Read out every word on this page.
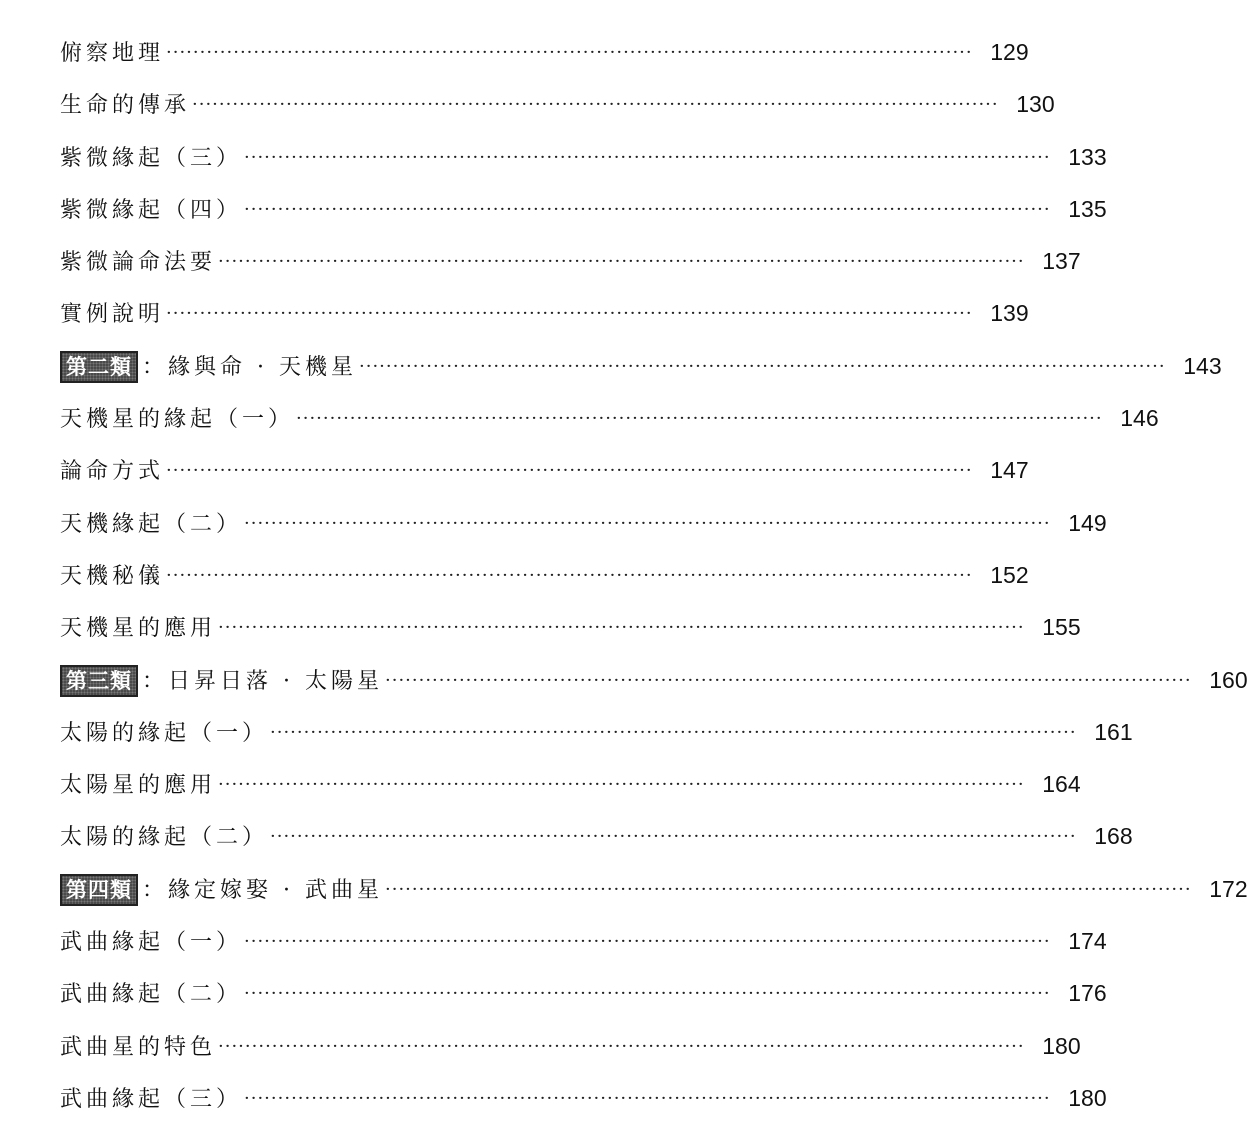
俯察地理 ························································································································ 129
生命的傳承 ························································································································ 130
紫微緣起（三） ························································································································ 133
紫微緣起（四） ························································································································ 135
紫微論命法要 ························································································································ 137
實例說明 ························································································································ 139
第二類 ： 緣與命 · 天機星 ························································································································ 143
天機星的緣起（一） ························································································································ 146
論命方式 ························································································································ 147
天機緣起（二） ························································································································ 149
天機秘儀 ························································································································ 152
天機星的應用 ························································································································ 155
第三類 ： 日昇日落 · 太陽星 ························································································································ 160
太陽的緣起（一） ························································································································ 161
太陽星的應用 ························································································································ 164
太陽的緣起（二） ························································································································ 168
第四類 ： 緣定嫁娶 · 武曲星 ························································································································ 172
武曲緣起（一） ························································································································ 174
武曲緣起（二） ························································································································ 176
武曲星的特色 ························································································································ 180
武曲緣起（三） ························································································································ 180
